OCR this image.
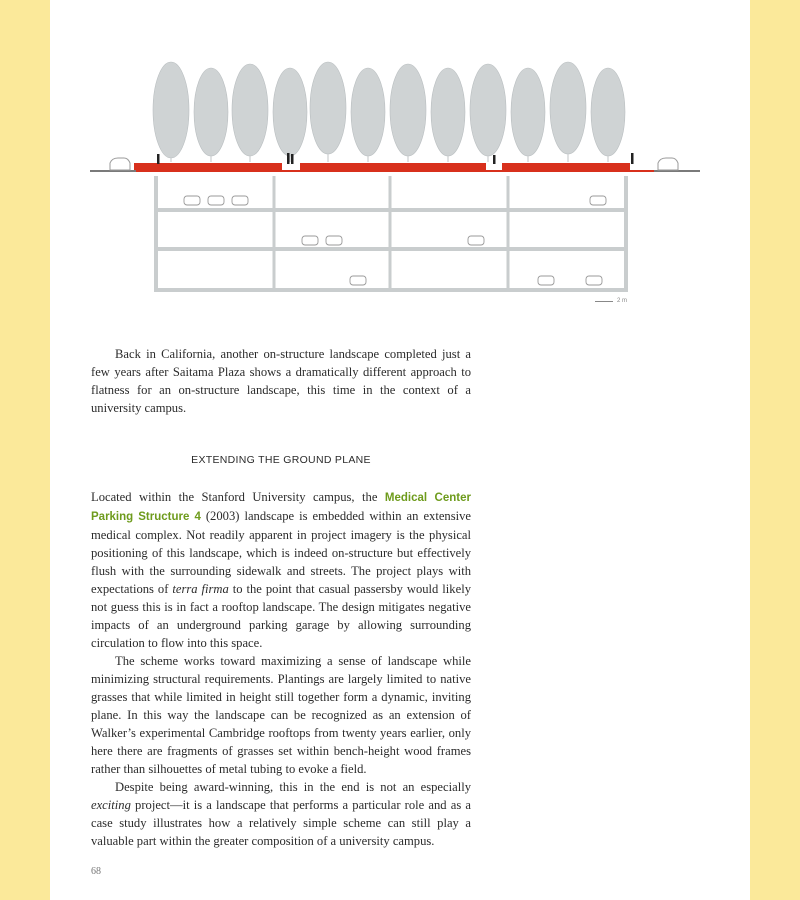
2 m

Back in California, another on-structure landscape completed just a few years after Saitama Plaza shows a dramatically different approach to flatness for an on-structure landscape, this time in the context of a university campus.

EXTENDING THE GROUND PLANE

Located within the Stanford University campus, the Medical Center Parking Structure 4 (2003) landscape is embedded within an extensive medical complex. Not readily apparent in project imagery is the physical positioning of this landscape, which is indeed on-structure but effectively flush with the surrounding sidewalk and streets. The project plays with expectations of terra firma to the point that casual passersby would likely not guess this is in fact a rooftop landscape. The design mitigates negative impacts of an underground parking garage by allowing surrounding circulation to flow into this space.

The scheme works toward maximizing a sense of landscape while minimizing structural requirements. Plantings are largely limited to native grasses that while limited in height still together form a dynamic, inviting plane. In this way the landscape can be recognized as an extension of Walker’s experimental Cambridge rooftops from twenty years earlier, only here there are fragments of grasses set within bench-height wood frames rather than silhouettes of metal tubing to evoke a field.

Despite being award-winning, this in the end is not an especially exciting project—it is a landscape that performs a particular role and as a case study illustrates how a relatively simple scheme can still play a valuable part within the greater composition of a university campus.

68
